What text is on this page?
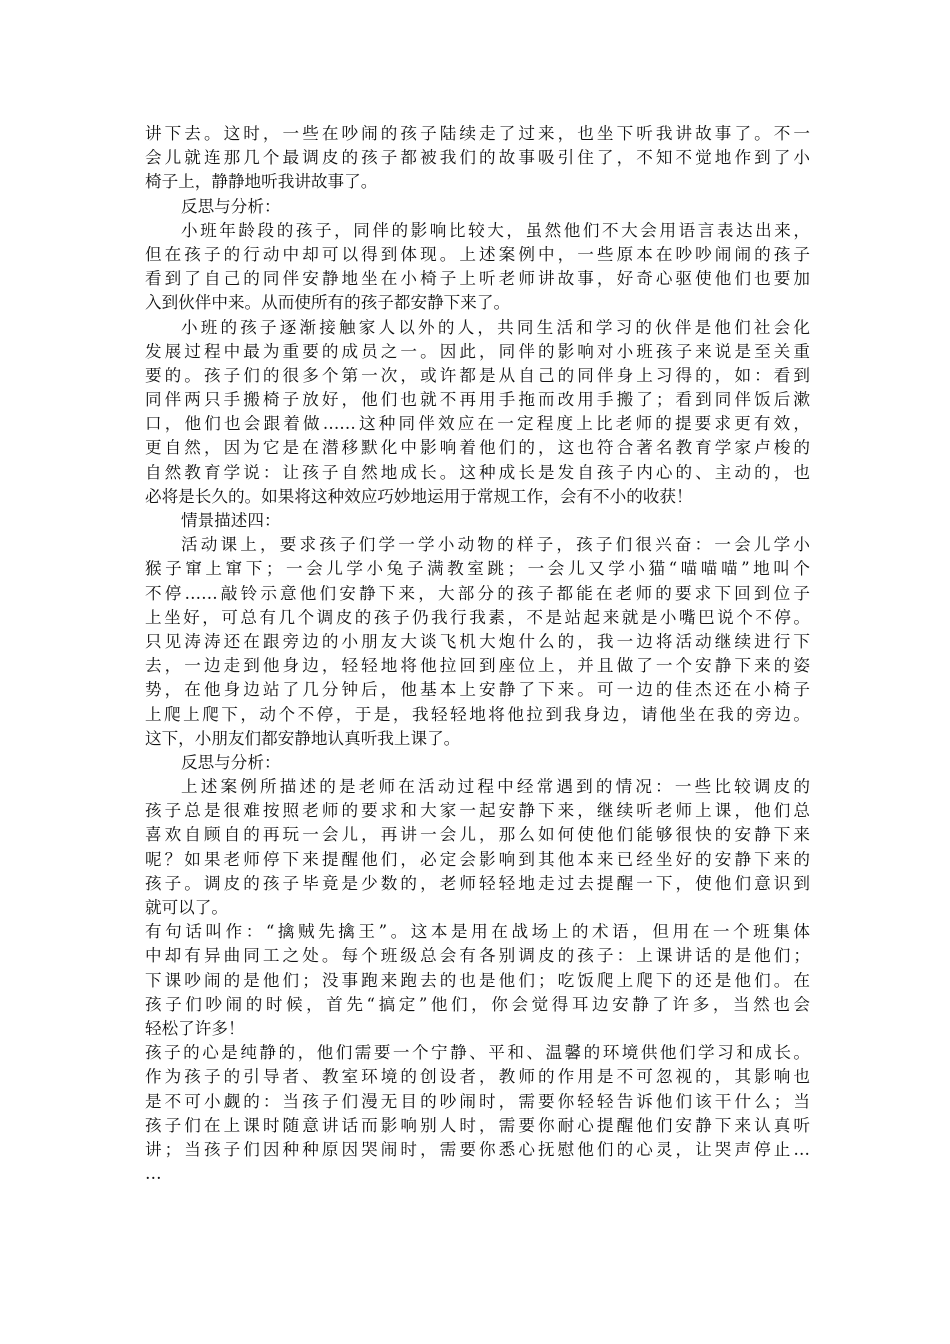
讲下去。这时，一些在吵闹的孩子陆续走了过来，也坐下听我讲故事了。不一
会儿就连那几个最调皮的孩子都被我们的故事吸引住了，不知不觉地作到了小
椅子上，静静地听我讲故事了。
反思与分析：
小班年龄段的孩子，同伴的影响比较大，虽然他们不大会用语言表达出来，
但在孩子的行动中却可以得到体现。上述案例中，一些原本在吵吵闹闹的孩子
看到了自己的同伴安静地坐在小椅子上听老师讲故事，好奇心驱使他们也要加
入到伙伴中来。从而使所有的孩子都安静下来了。
小班的孩子逐渐接触家人以外的人，共同生活和学习的伙伴是他们社会化
发展过程中最为重要的成员之一。因此，同伴的影响对小班孩子来说是至关重
要的。孩子们的很多个第一次，或许都是从自己的同伴身上习得的，如：看到
同伴两只手搬椅子放好，他们也就不再用手拖而改用手搬了；看到同伴饭后漱
口，他们也会跟着做……这种同伴效应在一定程度上比老师的提要求更有效，
更自然，因为它是在潜移默化中影响着他们的，这也符合著名教育学家卢梭的
自然教育学说：让孩子自然地成长。这种成长是发自孩子内心的、主动的，也
必将是长久的。如果将这种效应巧妙地运用于常规工作，会有不小的收获！
情景描述四：
活动课上，要求孩子们学一学小动物的样子，孩子们很兴奋：一会儿学小
猴子窜上窜下；一会儿学小兔子满教室跳；一会儿又学小猫“喵喵喵”地叫个
不停……敲铃示意他们安静下来，大部分的孩子都能在老师的要求下回到位子
上坐好，可总有几个调皮的孩子仍我行我素，不是站起来就是小嘴巴说个不停。
只见涛涛还在跟旁边的小朋友大谈飞机大炮什么的，我一边将活动继续进行下
去，一边走到他身边，轻轻地将他拉回到座位上，并且做了一个安静下来的姿
势，在他身边站了几分钟后，他基本上安静了下来。可一边的佳杰还在小椅子
上爬上爬下，动个不停，于是，我轻轻地将他拉到我身边，请他坐在我的旁边。
这下，小朋友们都安静地认真听我上课了。
反思与分析：
上述案例所描述的是老师在活动过程中经常遇到的情况：一些比较调皮的
孩子总是很难按照老师的要求和大家一起安静下来，继续听老师上课，他们总
喜欢自顾自的再玩一会儿，再讲一会儿，那么如何使他们能够很快的安静下来
呢？如果老师停下来提醒他们，必定会影响到其他本来已经坐好的安静下来的
孩子。调皮的孩子毕竟是少数的，老师轻轻地走过去提醒一下，使他们意识到
就可以了。
有句话叫作：“擒贼先擒王”。这本是用在战场上的术语，但用在一个班集体
中却有异曲同工之处。每个班级总会有各别调皮的孩子：上课讲话的是他们；
下课吵闹的是他们；没事跑来跑去的也是他们；吃饭爬上爬下的还是他们。在
孩子们吵闹的时候，首先“搞定”他们，你会觉得耳边安静了许多，当然也会
轻松了许多！
孩子的心是纯静的，他们需要一个宁静、平和、温馨的环境供他们学习和成长。
作为孩子的引导者、教室环境的创设者，教师的作用是不可忽视的，其影响也
是不可小觑的：当孩子们漫无目的吵闹时，需要你轻轻告诉他们该干什么；当
孩子们在上课时随意讲话而影响别人时，需要你耐心提醒他们安静下来认真听
讲；当孩子们因种种原因哭闹时，需要你悉心抚慰他们的心灵，让哭声停止…
…
